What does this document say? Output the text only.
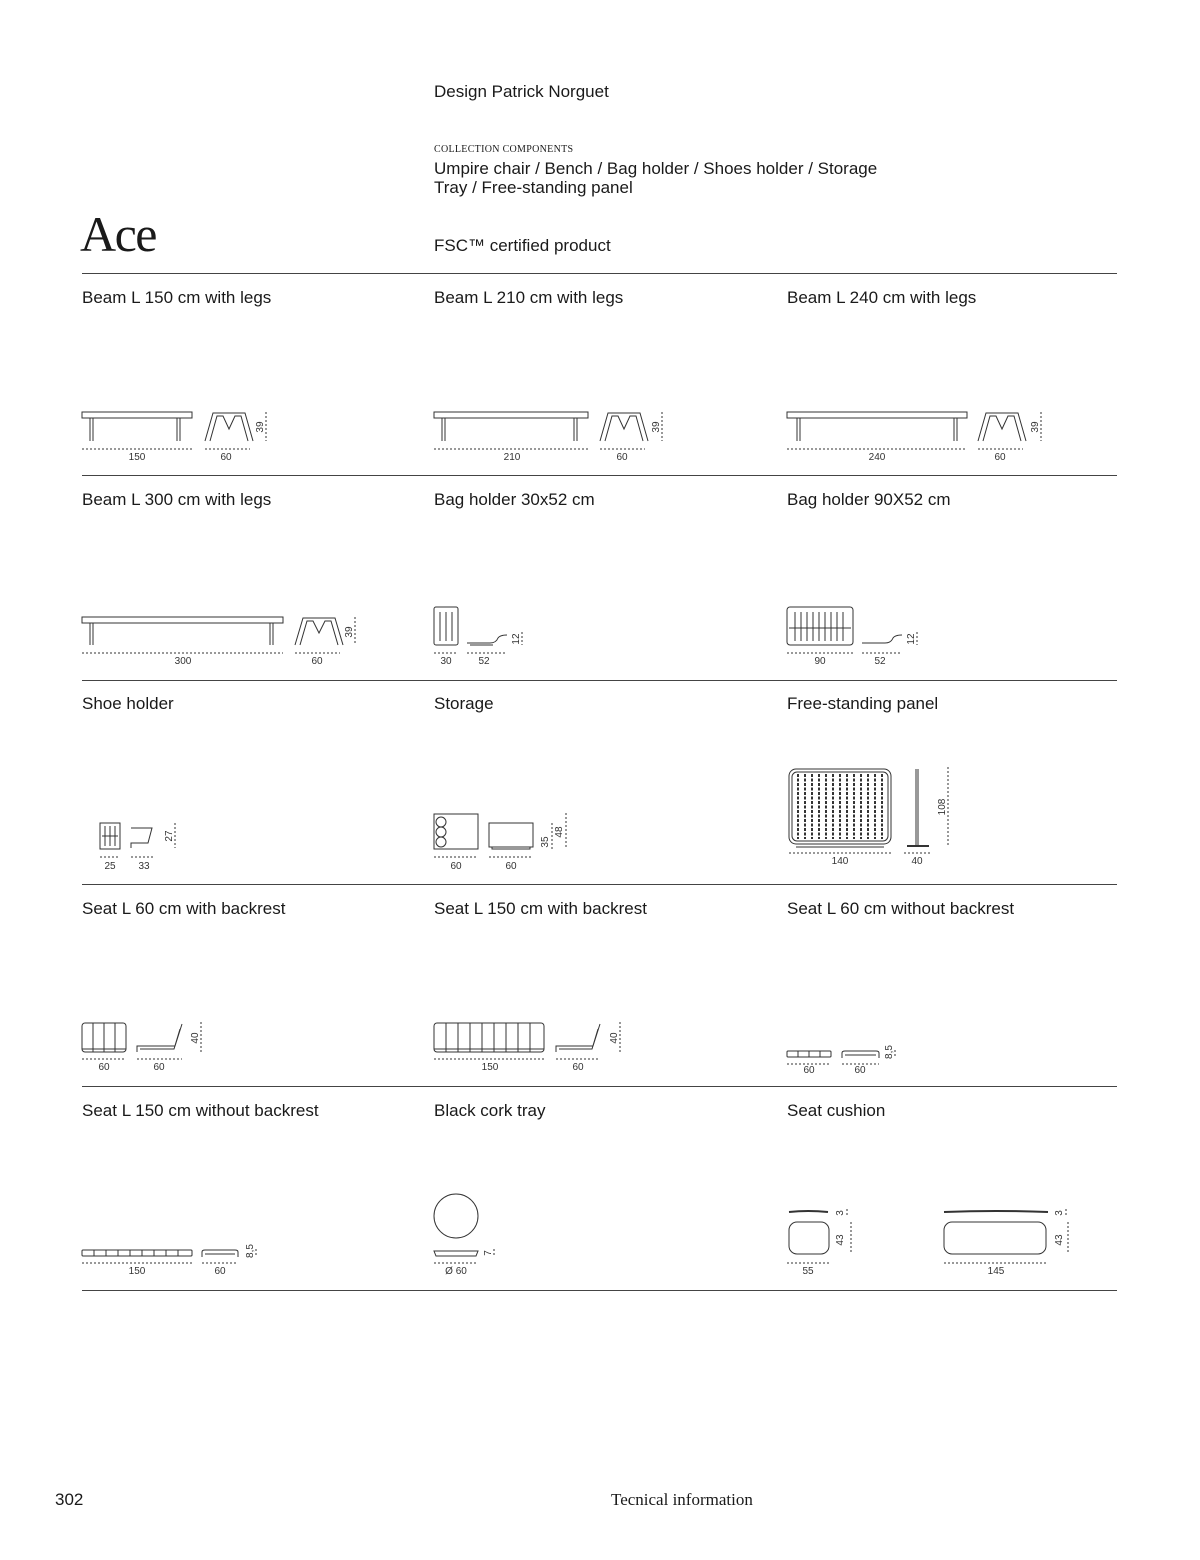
Design Patrick Norguet
COLLECTION COMPONENTS
Umpire chair / Bench / Bag holder / Shoes holder / Storage
Tray / Free-standing panel
Ace	FSC™ certified product
Beam L 150 cm with legs	Beam L 210 cm with legs	Beam L 240 cm with legs
Beam L 300 cm with legs	Bag holder 30x52 cm	Bag holder 90X52 cm
Shoe holder	Storage	Free-standing panel
Seat L 60 cm with backrest	Seat L 150 cm with backrest	Seat L 60 cm without backrest
Seat L 150 cm without backrest	Black cork tray	Seat cushion
150	60
39
210	60
39
240	60
39
300	60
39
30	52
12
90	52
12
25 33
27
60	60
35
48
140	40
108
60	60
40
150	60
40
60	60
8,5
150	60
8,5
Ø 60
7
55
3
43
145
3
43
302	Tecnical information
